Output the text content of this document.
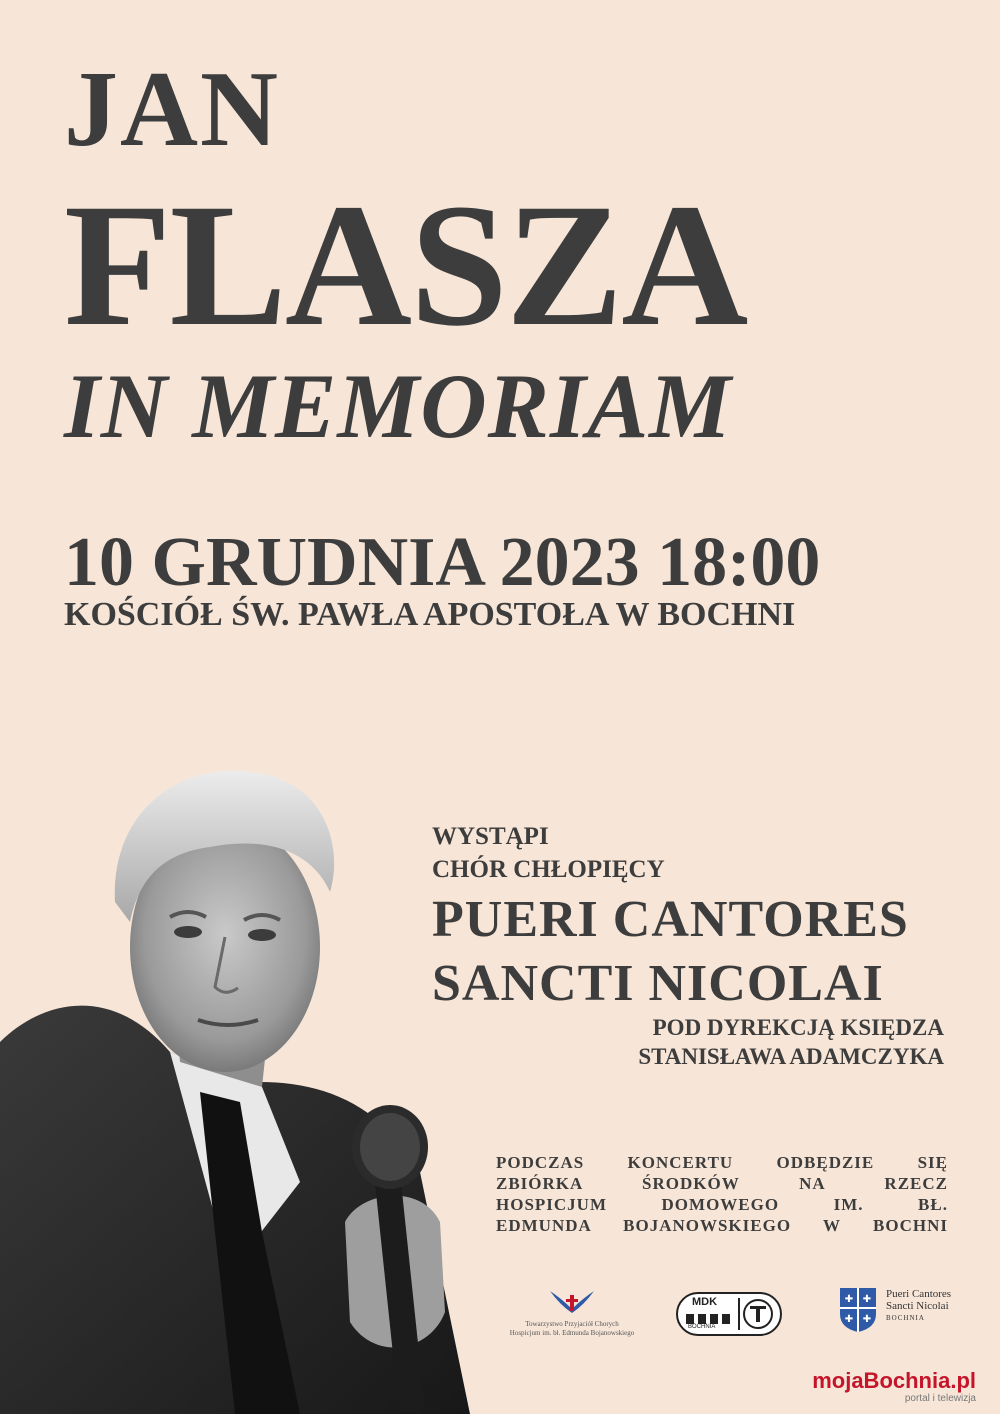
JAN
FLASZA
IN MEMORIAM
10 GRUDNIA 2023 18:00
KOŚCIÓŁ ŚW. PAWŁA APOSTOŁA W BOCHNI
WYSTĄPI
CHÓR CHŁOPIĘCY
PUERI CANTORES
SANCTI NICOLAI
POD DYREKCJĄ KSIĘDZA
STANISŁAWA ADAMCZYKA
PODCZAS KONCERTU ODBĘDZIE SIĘ
ZBIÓRKA ŚRODKÓW NA RZECZ
HOSPICJUM DOMOWEGO IM. BŁ.
EDMUNDA BOJANOWSKIEGO W BOCHNI
Towarzystwo Przyjaciół Chorych
Hospicjum im. bł. Edmunda Bojanowskiego
MDK
BOCHNIA
✚ ✚
✚ ✚
Pueri Cantores
Sancti Nicolai
BOCHNIA
mojaBochnia.pl
portal i telewizja
